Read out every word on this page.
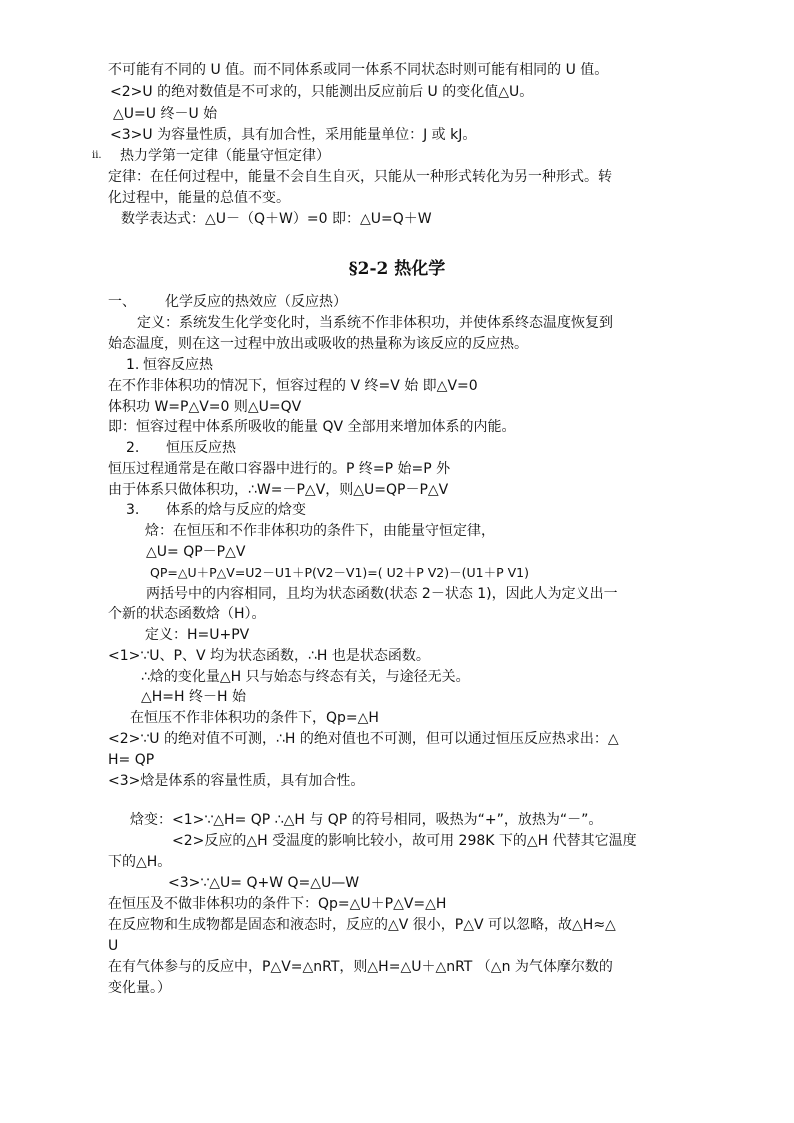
不可能有不同的 U 值。而不同体系或同一体系不同状态时则可能有相同的 U 值。
<2>U 的绝对数值是不可求的，只能测出反应前后 U 的变化值△U。
△U=U 终－U 始
<3>U 为容量性质，具有加合性，采用能量单位：J 或 kJ。
ii. 热力学第一定律（能量守恒定律）
定律：在任何过程中，能量不会自生自灭，只能从一种形式转化为另一种形式。转
化过程中，能量的总值不变。
数学表达式：△U－（Q＋W）=0 即：△U=Q＋W
§2-2 热化学
一、 化学反应的热效应（反应热）
定义：系统发生化学变化时，当系统不作非体积功，并使体系终态温度恢复到
始态温度，则在这一过程中放出或吸收的热量称为该反应的反应热。
1. 恒容反应热
在不作非体积功的情况下，恒容过程的 V 终=V 始 即△V=0
体积功 W=P△V=0 则△U=QV
即：恒容过程中体系所吸收的能量 QV 全部用来增加体系的内能。
2. 恒压反应热
恒压过程通常是在敞口容器中进行的。P 终=P 始=P 外
由于体系只做体积功，∴W=－P△V，则△U=QP－P△V
3. 体系的焓与反应的焓变
焓：在恒压和不作非体积功的条件下，由能量守恒定律，
△U= QP－P△V
QP=△U＋P△V=U2－U1＋P(V2－V1)=( U2＋P V2)－(U1＋P V1)
两括号中的内容相同，且均为状态函数(状态 2－状态 1)，因此人为定义出一
个新的状态函数焓（H）。
定义：H=U+PV
<1>∵U、P、V 均为状态函数，∴H 也是状态函数。
∴焓的变化量△H 只与始态与终态有关，与途径无关。
△H=H 终－H 始
在恒压不作非体积功的条件下，Qp=△H
<2>∵U 的绝对值不可测，∴H 的绝对值也不可测，但可以通过恒压反应热求出：△
H= QP
<3>焓是体系的容量性质，具有加合性。
焓变：<1>∵△H= QP ∴△H 与 QP 的符号相同，吸热为“+”，放热为“－”。
<2>反应的△H 受温度的影响比较小，故可用 298K 下的△H 代替其它温度
下的△H。
<3>∵△U= Q+W Q=△U—W
在恒压及不做非体积功的条件下：Qp=△U＋P△V=△H
在反应物和生成物都是固态和液态时，反应的△V 很小，P△V 可以忽略，故△H≈△
U
在有气体参与的反应中，P△V=△nRT，则△H=△U＋△nRT （△n 为气体摩尔数的
变化量。）
